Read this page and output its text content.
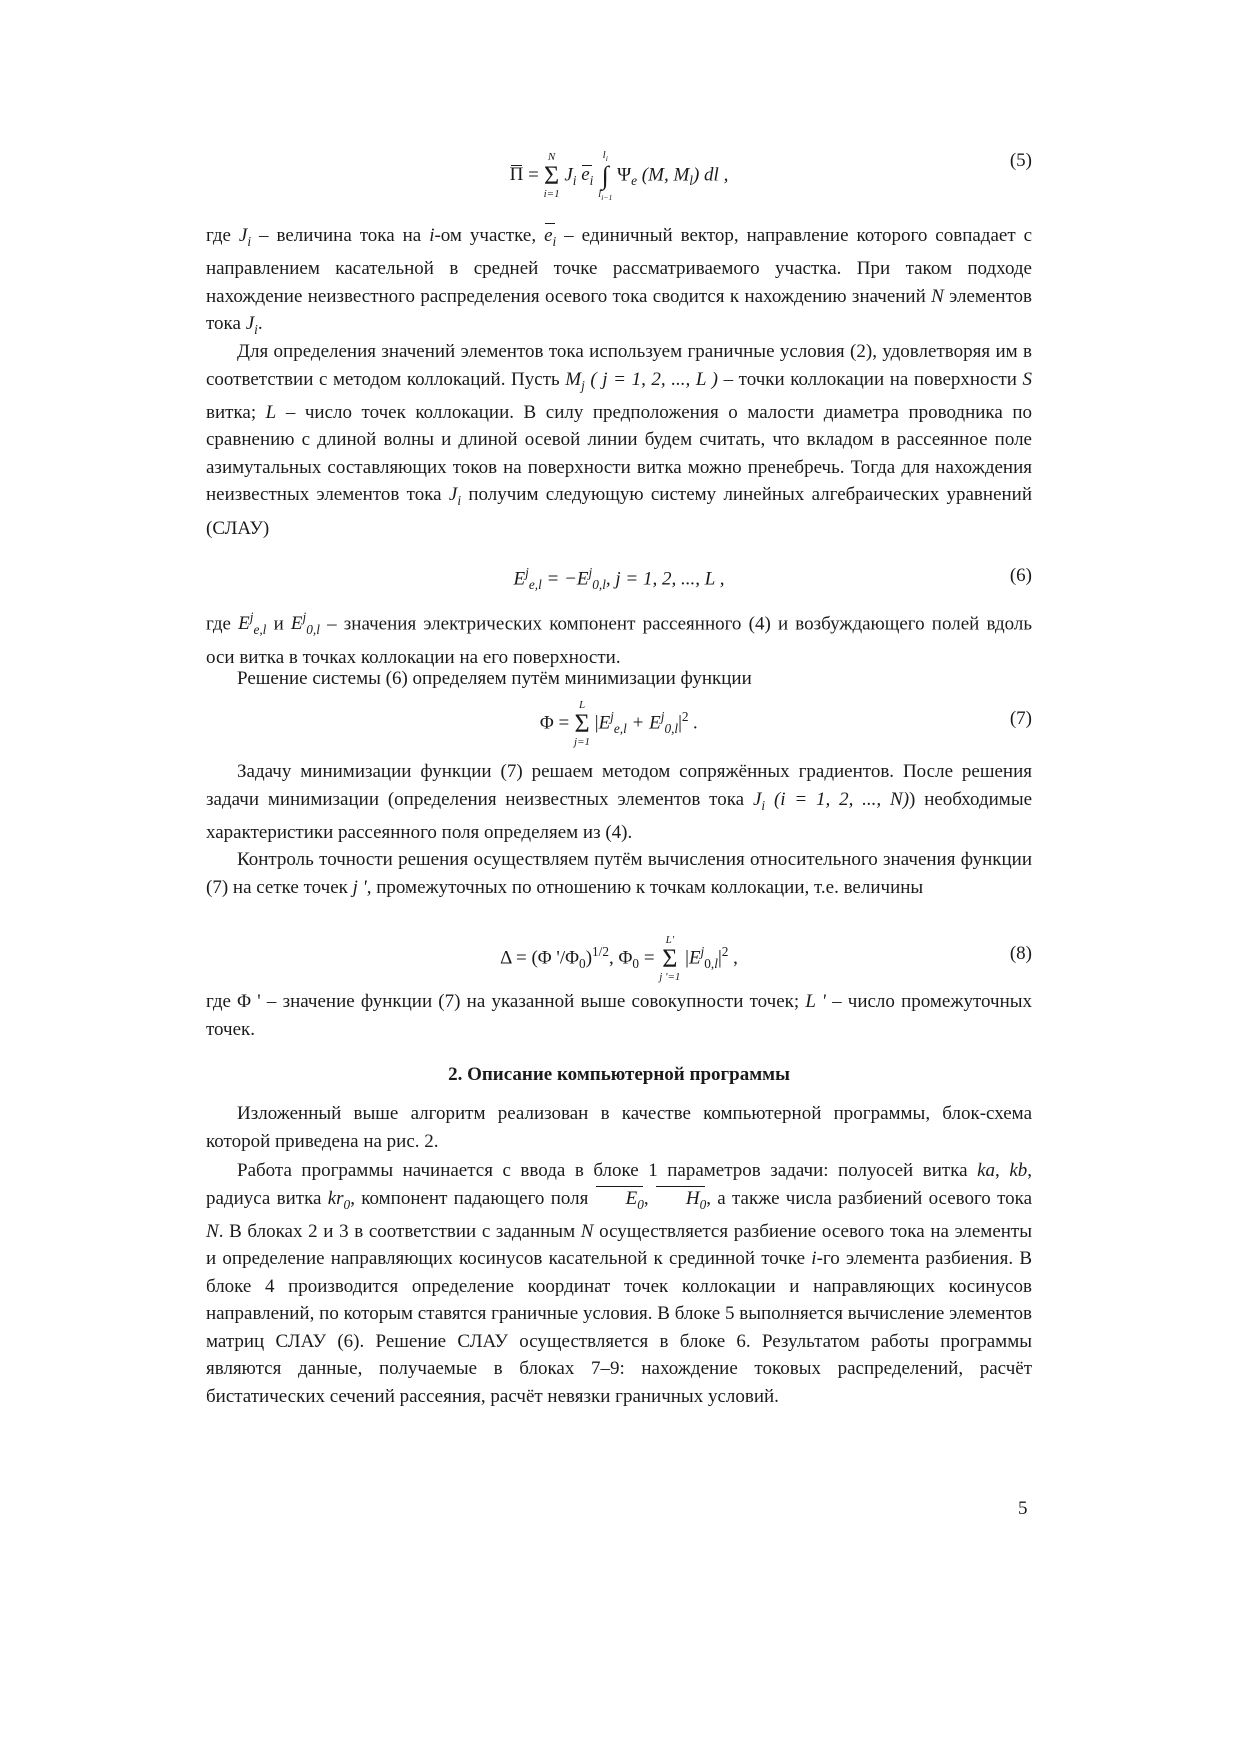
Π =
N
Σ
i=1
$J_i$ $e_i$
$l_i$
∫
$l_{i-1}$
$\Psi_e$ (M, $M_l$) dl ,
(5)

где $J_i$ – величина тока на i-ом участке, $e_i$ – единичный вектор, направление которого совпадает с направлением касательной в средней точке рассматриваемого участка. При таком подходе нахождение неизвестного распределения осевого тока сводится к нахождению значений N элементов тока $J_i$.

Для определения значений элементов тока используем граничные условия (2), удовлетворяя им в соответствии с методом коллокаций. Пусть $M_j$ ( j = 1, 2, ..., L ) – точки коллокации на поверхности S витка; L – число точек коллокации. В силу предположения о малости диаметра проводника по сравнению с длиной волны и длиной осевой линии будем считать, что вкладом в рассеянное поле азимутальных составляющих токов на поверхности витка можно пренебречь. Тогда для нахождения неизвестных элементов тока $J_i$ получим следующую систему линейных алгебраических уравнений (СЛАУ)

$E^j_{e,l} = -E^j_{0,l}$, j = 1, 2, ..., L ,	(6)

где $E^j_{e,l}$ и $E^j_{0,l}$ – значения электрических компонент рассеянного (4) и возбуждающего полей вдоль оси витка в точках коллокации на его поверхности.

Решение системы (6) определяем путём минимизации функции

Φ =
L
Σ
j=1
$|E^j_{e,l} + E^j_{0,l}|^2$ .	(7)

Задачу минимизации функции (7) решаем методом сопряжённых градиентов. После решения задачи минимизации (определения неизвестных элементов тока $J_i$ (i = 1, 2, ..., N)) необходимые характеристики рассеянного поля определяем из (4).

Контроль точности решения осуществляем путём вычисления относительного значения функции (7) на сетке точек j ', промежуточных по отношению к точкам коллокации, т.е. величины

Δ = (Φ '$/\Phi_0)^{1/2}$, $\Phi_0$ =
L'
Σ
j '=1
$|E^j_{0,l}|^2$ ,	(8)

где Φ ' – значение функции (7) на указанной выше совокупности точек; L ' – число промежуточных точек.

2. Описание компьютерной программы

Изложенный выше алгоритм реализован в качестве компьютерной программы, блок-схема которой приведена на рис. 2.

Работа программы начинается с ввода в блоке 1 параметров задачи: полуосей витка ka, kb, радиуса витка $kr_0$, компонент падающего поля $E_0$, $H_0$, а также числа разбиений осевого тока N. В блоках 2 и 3 в соответствии с заданным N осуществляется разбиение осевого тока на элементы и определение направляющих косинусов касательной к срединной точке i-го элемента разбиения. В блоке 4 производится определение координат точек коллокации и направляющих косинусов направлений, по которым ставятся граничные условия. В блоке 5 выполняется вычисление элементов матриц СЛАУ (6). Решение СЛАУ осуществляется в блоке 6. Результатом работы программы являются данные, получаемые в блоках 7–9: нахождение токовых распределений, расчёт бистатических сечений рассеяния, расчёт невязки граничных условий.

5
